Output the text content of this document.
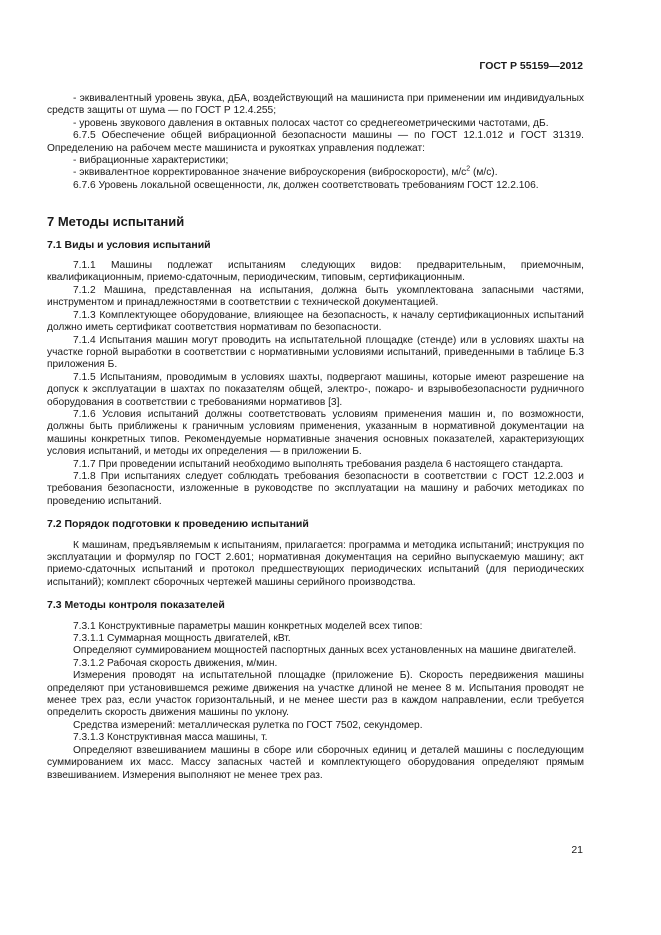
ГОСТ Р 55159—2012

- эквивалентный уровень звука, дБА, воздействующий на машиниста при применении им индивидуальных средств защиты от шума — по ГОСТ Р 12.4.255;

- уровень звукового давления в октавных полосах частот со среднегеометрическими частотами, дБ.

6.7.5 Обеспечение общей вибрационной безопасности машины — по ГОСТ 12.1.012 и ГОСТ 31319. Определению на рабочем месте машиниста и рукоятках управления подлежат:

- вибрационные характеристики;

- эквивалентное корректированное значение виброускорения (виброскорости), $м/с^2$ (м/с).

6.7.6 Уровень локальной освещенности, лк, должен соответствовать требованиям ГОСТ 12.2.106.

7 Методы испытаний
7.1 Виды и условия испытаний

7.1.1 Машины подлежат испытаниям следующих видов: предварительным, приемочным, квалификационным, приемо-сдаточным, периодическим, типовым, сертификационным.

7.1.2 Машина, представленная на испытания, должна быть укомплектована запасными частями, инструментом и принадлежностями в соответствии с технической документацией.

7.1.3 Комплектующее оборудование, влияющее на безопасность, к началу сертификационных испытаний должно иметь сертификат соответствия нормативам по безопасности.

7.1.4 Испытания машин могут проводить на испытательной площадке (стенде) или в условиях шахты на участке горной выработки в соответствии с нормативными условиями испытаний, приведенными в таблице Б.3 приложения Б.

7.1.5 Испытаниям, проводимым в условиях шахты, подвергают машины, которые имеют разрешение на допуск к эксплуатации в шахтах по показателям общей, электро-, пожаро- и взрывобезопасности рудничного оборудования в соответствии с требованиями нормативов [3].

7.1.6 Условия испытаний должны соответствовать условиям применения машин и, по возможности, должны быть приближены к граничным условиям применения, указанным в нормативной документации на машины конкретных типов. Рекомендуемые нормативные значения основных показателей, характеризующих условия испытаний, и методы их определения — в приложении Б.

7.1.7 При проведении испытаний необходимо выполнять требования раздела 6 настоящего стандарта.

7.1.8 При испытаниях следует соблюдать требования безопасности в соответствии с ГОСТ 12.2.003 и требования безопасности, изложенные в руководстве по эксплуатации на машину и рабочих методиках по проведению испытаний.

7.2 Порядок подготовки к проведению испытаний

К машинам, предъявляемым к испытаниям, прилагается: программа и методика испытаний; инструкция по эксплуатации и формуляр по ГОСТ 2.601; нормативная документация на серийно выпускаемую машину; акт приемо-сдаточных испытаний и протокол предшествующих периодических испытаний (для периодических испытаний); комплект сборочных чертежей машины серийного производства.

7.3 Методы контроля показателей

7.3.1 Конструктивные параметры машин конкретных моделей всех типов:

7.3.1.1 Суммарная мощность двигателей, кВт.

Определяют суммированием мощностей паспортных данных всех установленных на машине двигателей.

7.3.1.2 Рабочая скорость движения, м/мин.

Измерения проводят на испытательной площадке (приложение Б). Скорость передвижения машины определяют при установившемся режиме движения на участке длиной не менее 8 м. Испытания проводят не менее трех раз, если участок горизонтальный, и не менее шести раз в каждом направлении, если требуется определить скорость движения машины по уклону.

Средства измерений: металлическая рулетка по ГОСТ 7502, секундомер.

7.3.1.3 Конструктивная масса машины, т.

Определяют взвешиванием машины в сборе или сборочных единиц и деталей машины с последующим суммированием их масс. Массу запасных частей и комплектующего оборудования определяют прямым взвешиванием. Измерения выполняют не менее трех раз.

21
